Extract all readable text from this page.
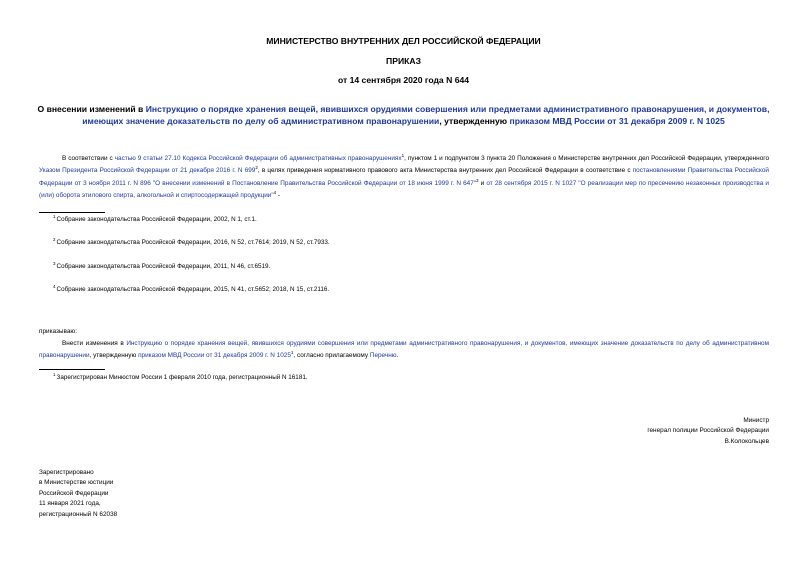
МИНИСТЕРСТВО ВНУТРЕННИХ ДЕЛ РОССИЙСКОЙ ФЕДЕРАЦИИ
ПРИКАЗ
от 14 сентября 2020 года N 644
О внесении изменений в Инструкцию о порядке хранения вещей, явившихся орудиями совершения или предметами административного правонарушения, и документов, имеющих значение доказательств по делу об административном правонарушении, утвержденную приказом МВД России от 31 декабря 2009 г. N 1025
В соответствии с частью 9 статьи 27.10 Кодекса Российской Федерации об административных правонарушениях$^1$, пунктом 1 и подпунктом 3 пункта 20 Положения о Министерстве внутренних дел Российской Федерации, утвержденного Указом Президента Российской Федерации от 21 декабря 2016 г. N $699^2$, в целях приведения нормативного правового акта Министерства внутренних дел Российской Федерации в соответствие с постановлениями Правительства Российской Федерации от 3 ноября 2011 г. N 896 "О внесении изменений в Постановление Правительства Российской Федерации от 18 июня 1999 г. N 647"$^3$ и от 28 сентября 2015 г. N 1027 "О реализации мер по пресечению незаконных производства и (или) оборота этилового спирта, алкогольной и спиртосодержащей продукции"$^4$ -
$^1$Собрание законодательства Российской Федерации, 2002, N 1, ст.1.
$^2$Собрание законодательства Российской Федерации, 2016, N 52, ст.7614; 2019, N 52, ст.7933.
$^3$Собрание законодательства Российской Федерации, 2011, N 46, ст.6519.
$^4$Собрание законодательства Российской Федерации, 2015, N 41, ст.5652; 2018, N 15, ст.2116.
приказываю:
Внести изменения в Инструкцию о порядке хранения вещей, явившихся орудиями совершения или предметами административного правонарушения, и документов, имеющих значение доказательств по делу об административном правонарушении, утвержденную приказом МВД России от 31 декабря 2009 г. N 1025$^1$, согласно прилагаемому Перечню.
$^1$Зарегистрирован Минюстом России 1 февраля 2010 года, регистрационный N 16181.
Министр
генерал полиции Российской Федерации
В.Колокольцев
Зарегистрировано
в Министерстве юстиции
Российской Федерации
11 января 2021 года,
регистрационный N 62038
